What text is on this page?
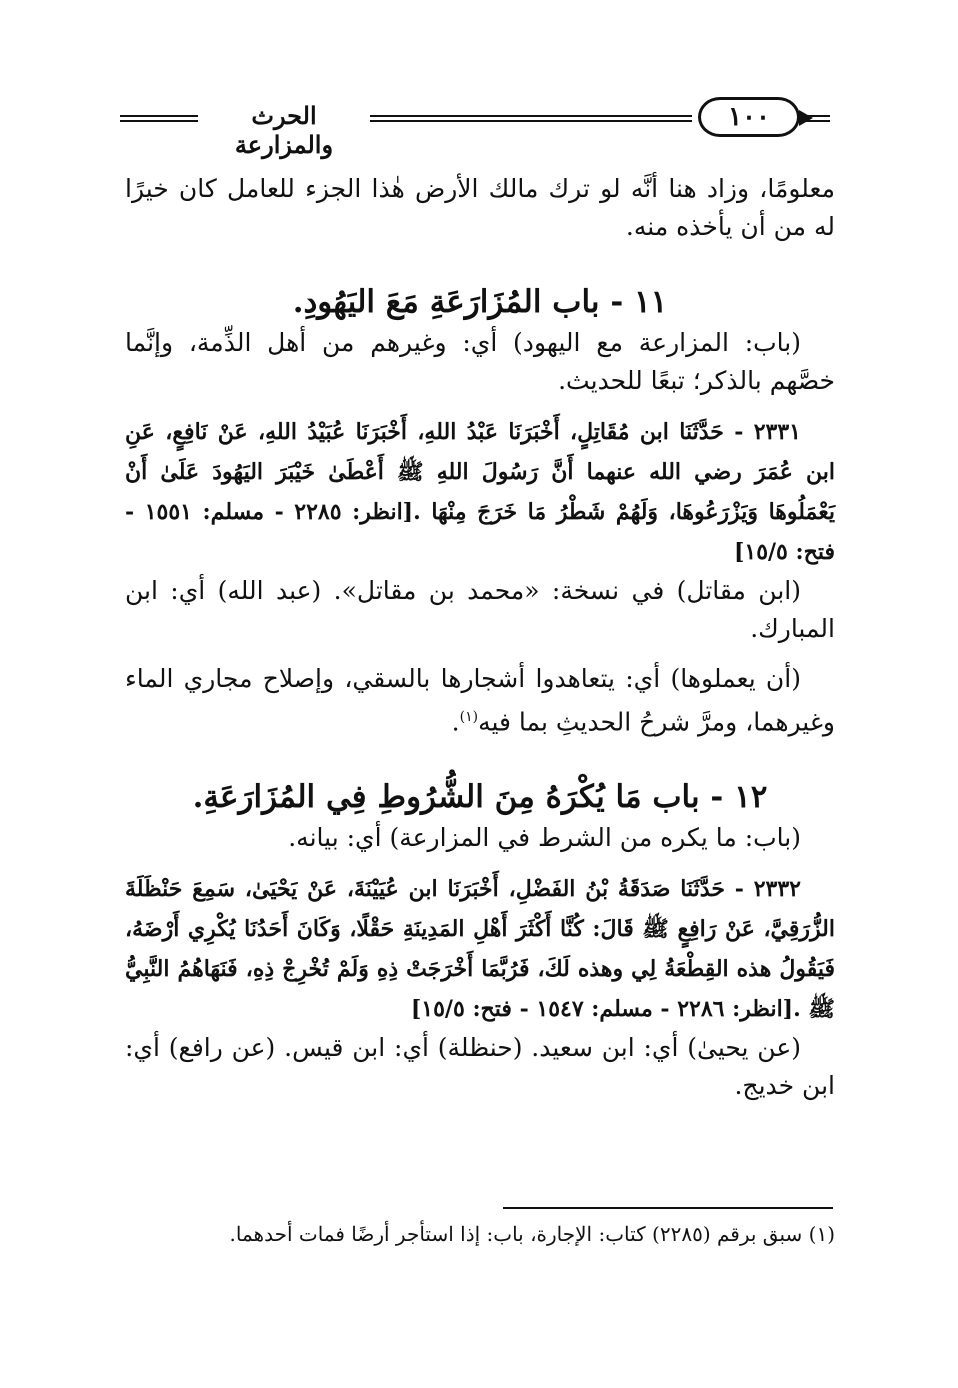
الحرث والمزارعة
١٠٠

معلومًا، وزاد هنا أنَّه لو ترك مالك الأرض هٰذا الجزء للعامل كان خيرًا له من أن يأخذه منه.

١١ - باب المُزَارَعَةِ مَعَ اليَهُودِ.

(باب: المزارعة مع اليهود) أي: وغيرهم من أهل الذِّمة، وإنَّما خصَّهم بالذكر؛ تبعًا للحديث.

٢٣٣١ - حَدَّثَنَا ابن مُقَاتِلٍ، أَخْبَرَنَا عَبْدُ اللهِ، أَخْبَرَنَا عُبَيْدُ اللهِ، عَنْ نَافِعٍ، عَنِ ابن عُمَرَ رضي الله عنهما أَنَّ رَسُولَ اللهِ ﷺ أَعْطَىٰ خَيْبَرَ اليَهُودَ عَلَىٰ أَنْ يَعْمَلُوهَا وَيَزْرَعُوهَا، وَلَهُمْ شَطْرُ مَا خَرَجَ مِنْهَا .[انظر: ٢٢٨٥ - مسلم: ١٥٥١ - فتح: ١٥/٥]

(ابن مقاتل) في نسخة: «محمد بن مقاتل». (عبد الله) أي: ابن المبارك.

(أن يعملوها) أي: يتعاهدوا أشجارها بالسقي، وإصلاح مجاري الماء وغيرهما، ومرَّ شرحُ الحديثِ بما فيه$^{(١)}$.

١٢ - باب مَا يُكْرَهُ مِنَ الشُّرُوطِ فِي المُزَارَعَةِ.

(باب: ما يكره من الشرط في المزارعة) أي: بيانه.

٢٣٣٢ - حَدَّثَنَا صَدَقَةُ بْنُ الفَضْلِ، أَخْبَرَنَا ابن عُيَيْنَةَ، عَنْ يَحْيَىٰ، سَمِعَ حَنْظَلَةَ الزُّرَقِيَّ، عَنْ رَافِعٍ ﷺ قَالَ: كُنَّا أَكْثَرَ أَهْلِ المَدِينَةِ حَقْلًا، وَكَانَ أَحَدُنَا يُكْرِي أَرْضَهُ، فَيَقُولُ هذه القِطْعَةُ لِي وهذه لَكَ، فَرُبَّمَا أَخْرَجَتْ ذِهِ وَلَمْ تُخْرِجْ ذِهِ، فَنَهَاهُمُ النَّبِيُّ ﷺ .[انظر: ٢٢٨٦ - مسلم: ١٥٤٧ - فتح: ١٥/٥]

(عن يحيىٰ) أي: ابن سعيد. (حنظلة) أي: ابن قيس. (عن رافع) أي: ابن خديج.

(١) سبق برقم (٢٢٨٥) كتاب: الإجارة، باب: إذا استأجر أرضًا فمات أحدهما.
